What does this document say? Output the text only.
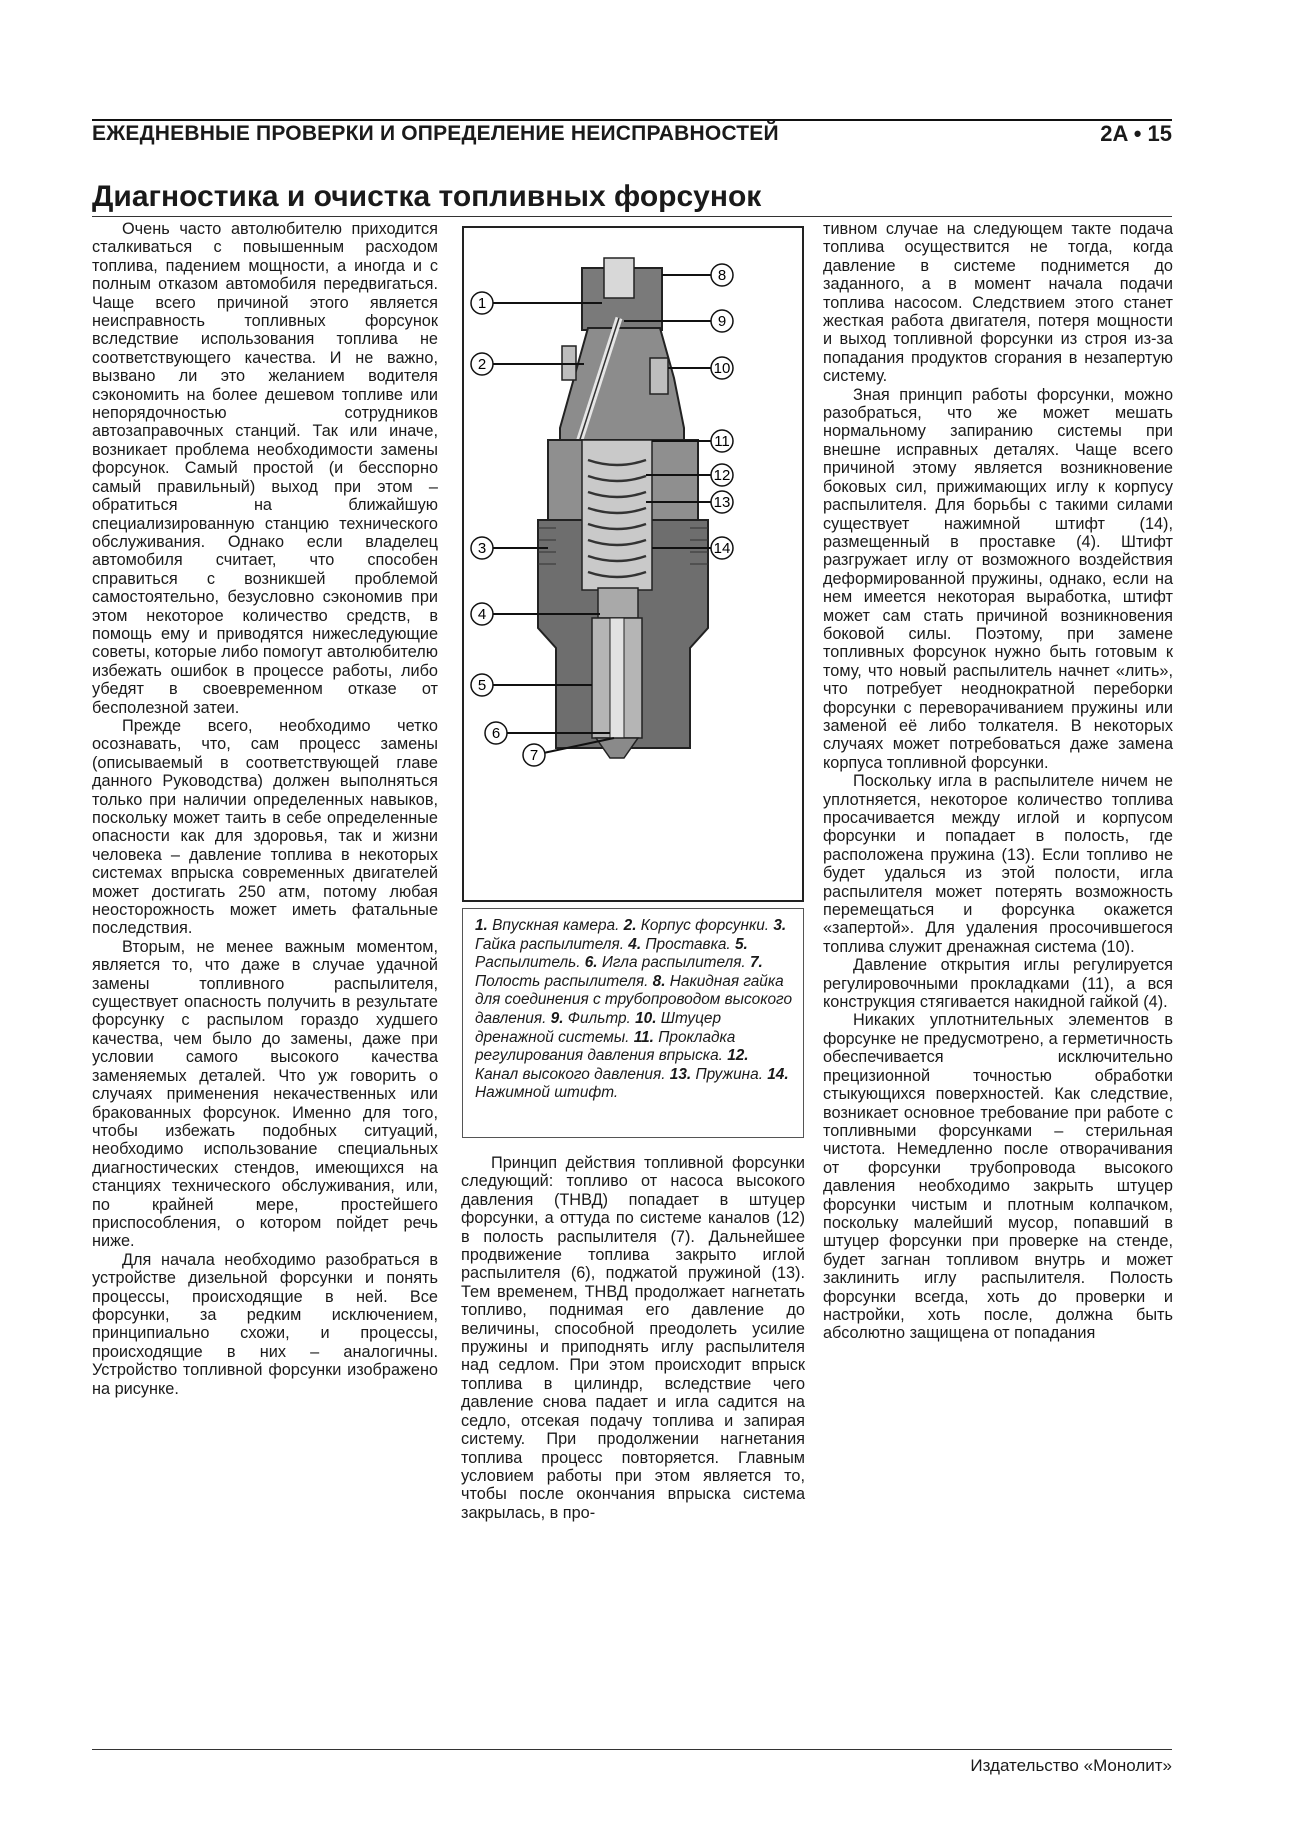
ЕЖЕДНЕВНЫЕ ПРОВЕРКИ И ОПРЕДЕЛЕНИЕ НЕИСПРАВНОСТЕЙ	2A • 15
Диагностика и очистка топливных форсунок

Очень часто автолюбителю приходится сталкиваться с повышенным расходом топлива, падением мощности, а иногда и с полным отказом автомобиля передвигаться. Чаще всего причиной этого является неисправность топливных форсунок вследствие использования топлива не соответствующего качества. И не важно, вызвано ли это желанием водителя сэкономить на более дешевом топливе или непорядочностью сотрудников автозаправочных станций. Так или иначе, возникает проблема необходимости замены форсунок. Самый простой (и бесспорно самый правильный) выход при этом – обратиться на ближайшую специализированную станцию технического обслуживания. Однако если владелец автомобиля считает, что способен справиться с возникшей проблемой самостоятельно, безусловно сэкономив при этом некоторое количество средств, в помощь ему и приводятся нижеследующие советы, которые либо помогут автолюбителю избежать ошибок в процессе работы, либо убедят в своевременном отказе от бесполезной затеи.

Прежде всего, необходимо четко осознавать, что, сам процесс замены (описываемый в соответствующей главе данного Руководства) должен выполняться только при наличии определенных навыков, поскольку может таить в себе определенные опасности как для здоровья, так и жизни человека – давление топлива в некоторых системах впрыска современных двигателей может достигать 250 атм, потому любая неосторожность может иметь фатальные последствия.

Вторым, не менее важным моментом, является то, что даже в случае удачной замены топливного распылителя, существует опасность получить в результате форсунку с распылом гораздо худшего качества, чем было до замены, даже при условии самого высокого качества заменяемых деталей. Что уж говорить о случаях применения некачественных или бракованных форсунок. Именно для того, чтобы избежать подобных ситуаций, необходимо использование специальных диагностических стендов, имеющихся на станциях технического обслуживания, или, по крайней мере, простейшего приспособления, о котором пойдет речь ниже.

Для начала необходимо разобраться в устройстве дизельной форсунки и понять процессы, происходящие в ней. Все форсунки, за редким исключением, принципиально схожи, и процессы, происходящие в них – аналогичны. Устройство топливной форсунки изображено на рисунке.

1
2
3
4
5
6
7
8
9
10
11
12
13
14
1. Впускная камера. 2. Корпус форсунки. 3. Гайка распылителя. 4. Проставка. 5. Распылитель. 6. Игла распылителя. 7. Полость распылителя. 8. Накидная гайка для соединения с трубопроводом высокого давления. 9. Фильтр. 10. Штуцер дренажной системы. 11. Прокладка регулирования давления впрыска. 12. Канал высокого давления. 13. Пружина. 14. Нажимной штифт.

Принцип действия топливной форсунки следующий: топливо от насоса высокого давления (ТНВД) попадает в штуцер форсунки, а оттуда по системе каналов (12) в полость распылителя (7). Дальнейшее продвижение топлива закрыто иглой распылителя (6), поджатой пружиной (13). Тем временем, ТНВД продолжает нагнетать топливо, поднимая его давление до величины, способной преодолеть усилие пружины и приподнять иглу распылителя над седлом. При этом происходит впрыск топлива в цилиндр, вследствие чего давление снова падает и игла садится на седло, отсекая подачу топлива и запирая систему. При продолжении нагнетания топлива процесс повторяется. Главным условием работы при этом является то, чтобы после окончания впрыска система закрылась, в про-

тивном случае на следующем такте подача топлива осуществится не тогда, когда давление в системе поднимется до заданного, а в момент начала подачи топлива насосом. Следствием этого станет жесткая работа двигателя, потеря мощности и выход топливной форсунки из строя из-за попадания продуктов сгорания в незапертую систему.

Зная принцип работы форсунки, можно разобраться, что же может мешать нормальному запиранию системы при внешне исправных деталях. Чаще всего причиной этому является возникновение боковых сил, прижимающих иглу к корпусу распылителя. Для борьбы с такими силами существует нажимной штифт (14), размещенный в проставке (4). Штифт разгружает иглу от возможного воздействия деформированной пружины, однако, если на нем имеется некоторая выработка, штифт может сам стать причиной возникновения боковой силы. Поэтому, при замене топливных форсунок нужно быть готовым к тому, что новый распылитель начнет «лить», что потребует неоднократной переборки форсунки с переворачиванием пружины или заменой её либо толкателя. В некоторых случаях может потребоваться даже замена корпуса топливной форсунки.

Поскольку игла в распылителе ничем не уплотняется, некоторое количество топлива просачивается между иглой и корпусом форсунки и попадает в полость, где расположена пружина (13). Если топливо не будет удалься из этой полости, игла распылителя может потерять возможность перемещаться и форсунка окажется «запертой». Для удаления просочившегося топлива служит дренажная система (10).

Давление открытия иглы регулируется регулировочными прокладками (11), а вся конструкция стягивается накидной гайкой (4).

Никаких уплотнительных элементов в форсунке не предусмотрено, а герметичность обеспечивается исключительно прецизионной точностью обработки стыкующихся поверхностей. Как следствие, возникает основное требование при работе с топливными форсунками – стерильная чистота. Немедленно после отворачивания от форсунки трубопровода высокого давления необходимо закрыть штуцер форсунки чистым и плотным колпачком, поскольку малейший мусор, попавший в штуцер форсунки при проверке на стенде, будет загнан топливом внутрь и может заклинить иглу распылителя. Полость форсунки всегда, хоть до проверки и настройки, хоть после, должна быть абсолютно защищена от попадания

Издательство «Монолит»
